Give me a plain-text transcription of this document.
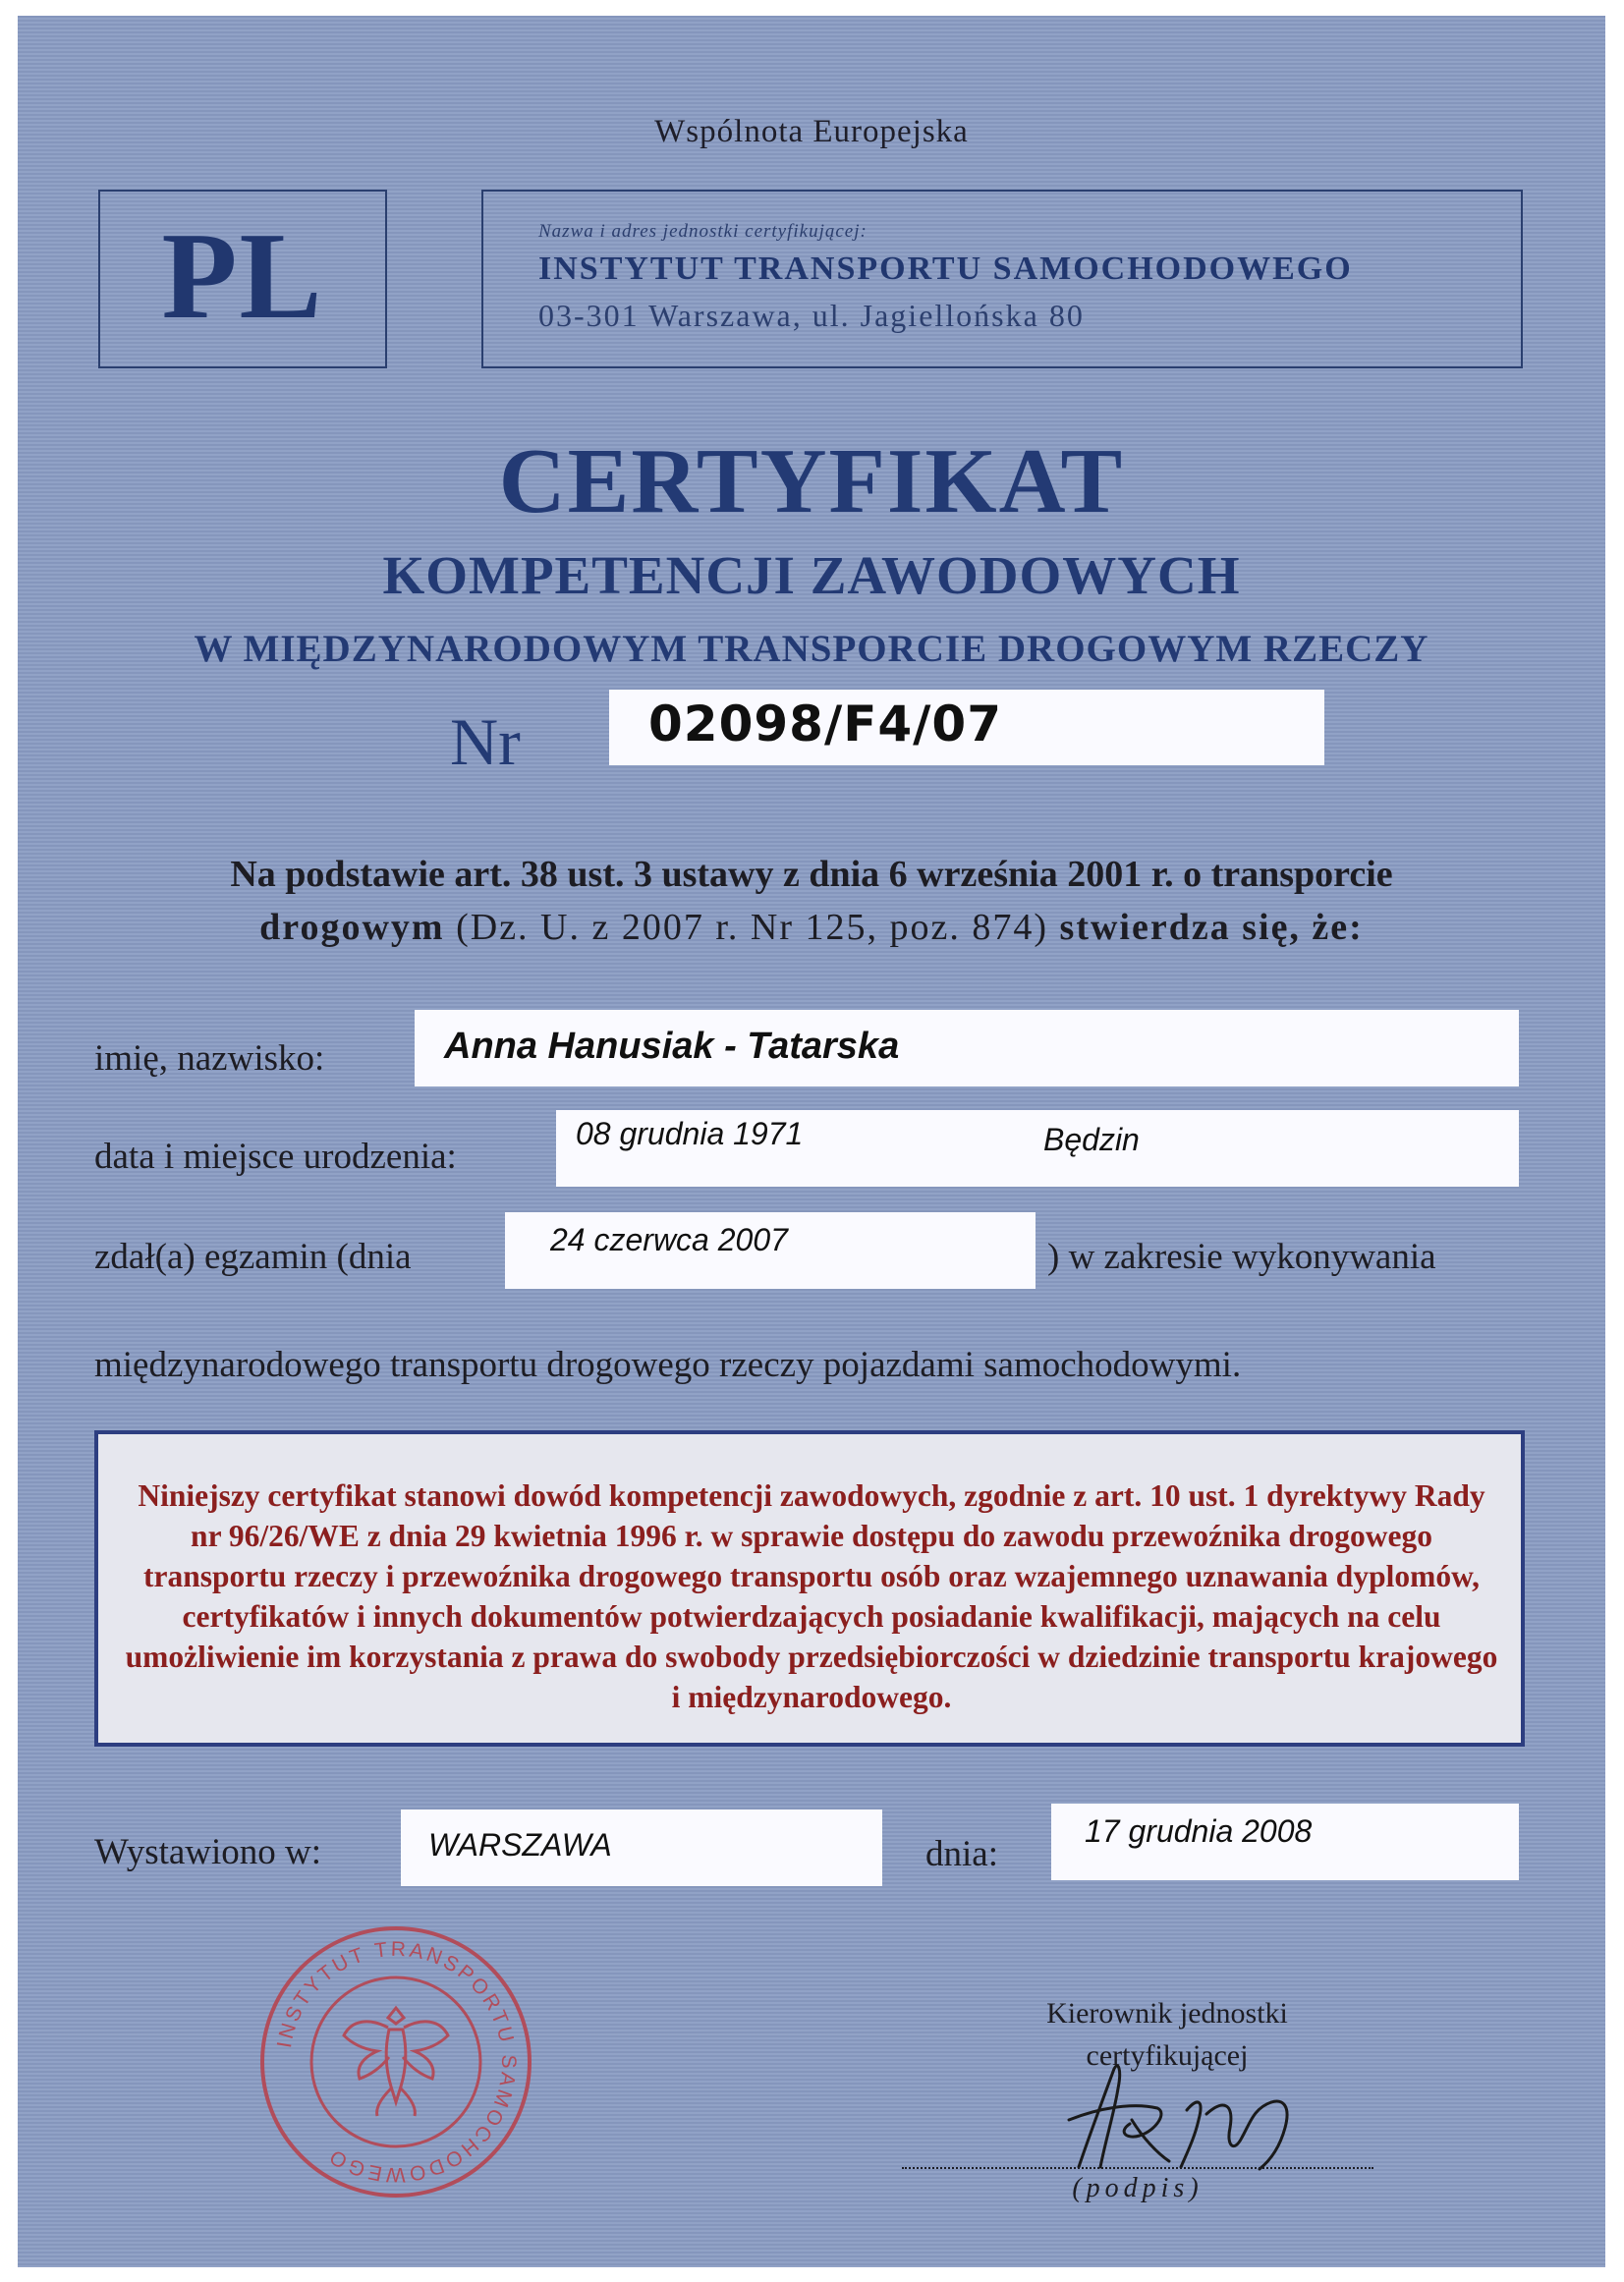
Wspólnota Europejska
PL	Nazwa i adres jednostki certyfikującej:
INSTYTUT TRANSPORTU SAMOCHODOWEGO
03-301 Warszawa, ul. Jagiellońska 80
CERTYFIKAT
KOMPETENCJI ZAWODOWYCH
W MIĘDZYNARODOWYM TRANSPORCIE DROGOWYM RZECZY
Nr	02098/F4/07
Na podstawie art. 38 ust. 3 ustawy z dnia 6 września 2001 r. o transporcie
drogowym (Dz. U. z 2007 r. Nr 125, poz. 874) stwierdza się, że:
imię, nazwisko:	Anna Hanusiak - Tatarska
data i miejsce urodzenia:
08 grudnia 1971	Będzin
zdał(a) egzamin (dnia	24 czerwca 2007	) w zakresie wykonywania
międzynarodowego transportu drogowego rzeczy pojazdami samochodowymi.
Niniejszy certyfikat stanowi dowód kompetencji zawodowych, zgodnie z art. 10 ust. 1 dyrektywy Rady nr 96/26/WE z dnia 29 kwietnia 1996 r. w sprawie dostępu do zawodu przewoźnika drogowego transportu rzeczy i przewoźnika drogowego transportu osób oraz wzajemnego uznawania dyplomów, certyfikatów i innych dokumentów potwierdzających posiadanie kwalifikacji, mających na celu umożliwienie im korzystania z prawa do swobody przedsiębiorczości w dziedzinie transportu krajowego i międzynarodowego.
Wystawiono w:	WARSZAWA	dnia:
17 grudnia 2008
Kierownik jednostki
certyfikującej
(podpis)
INSTYTUT TRANSPORTU SAMOCHODOWEGO
